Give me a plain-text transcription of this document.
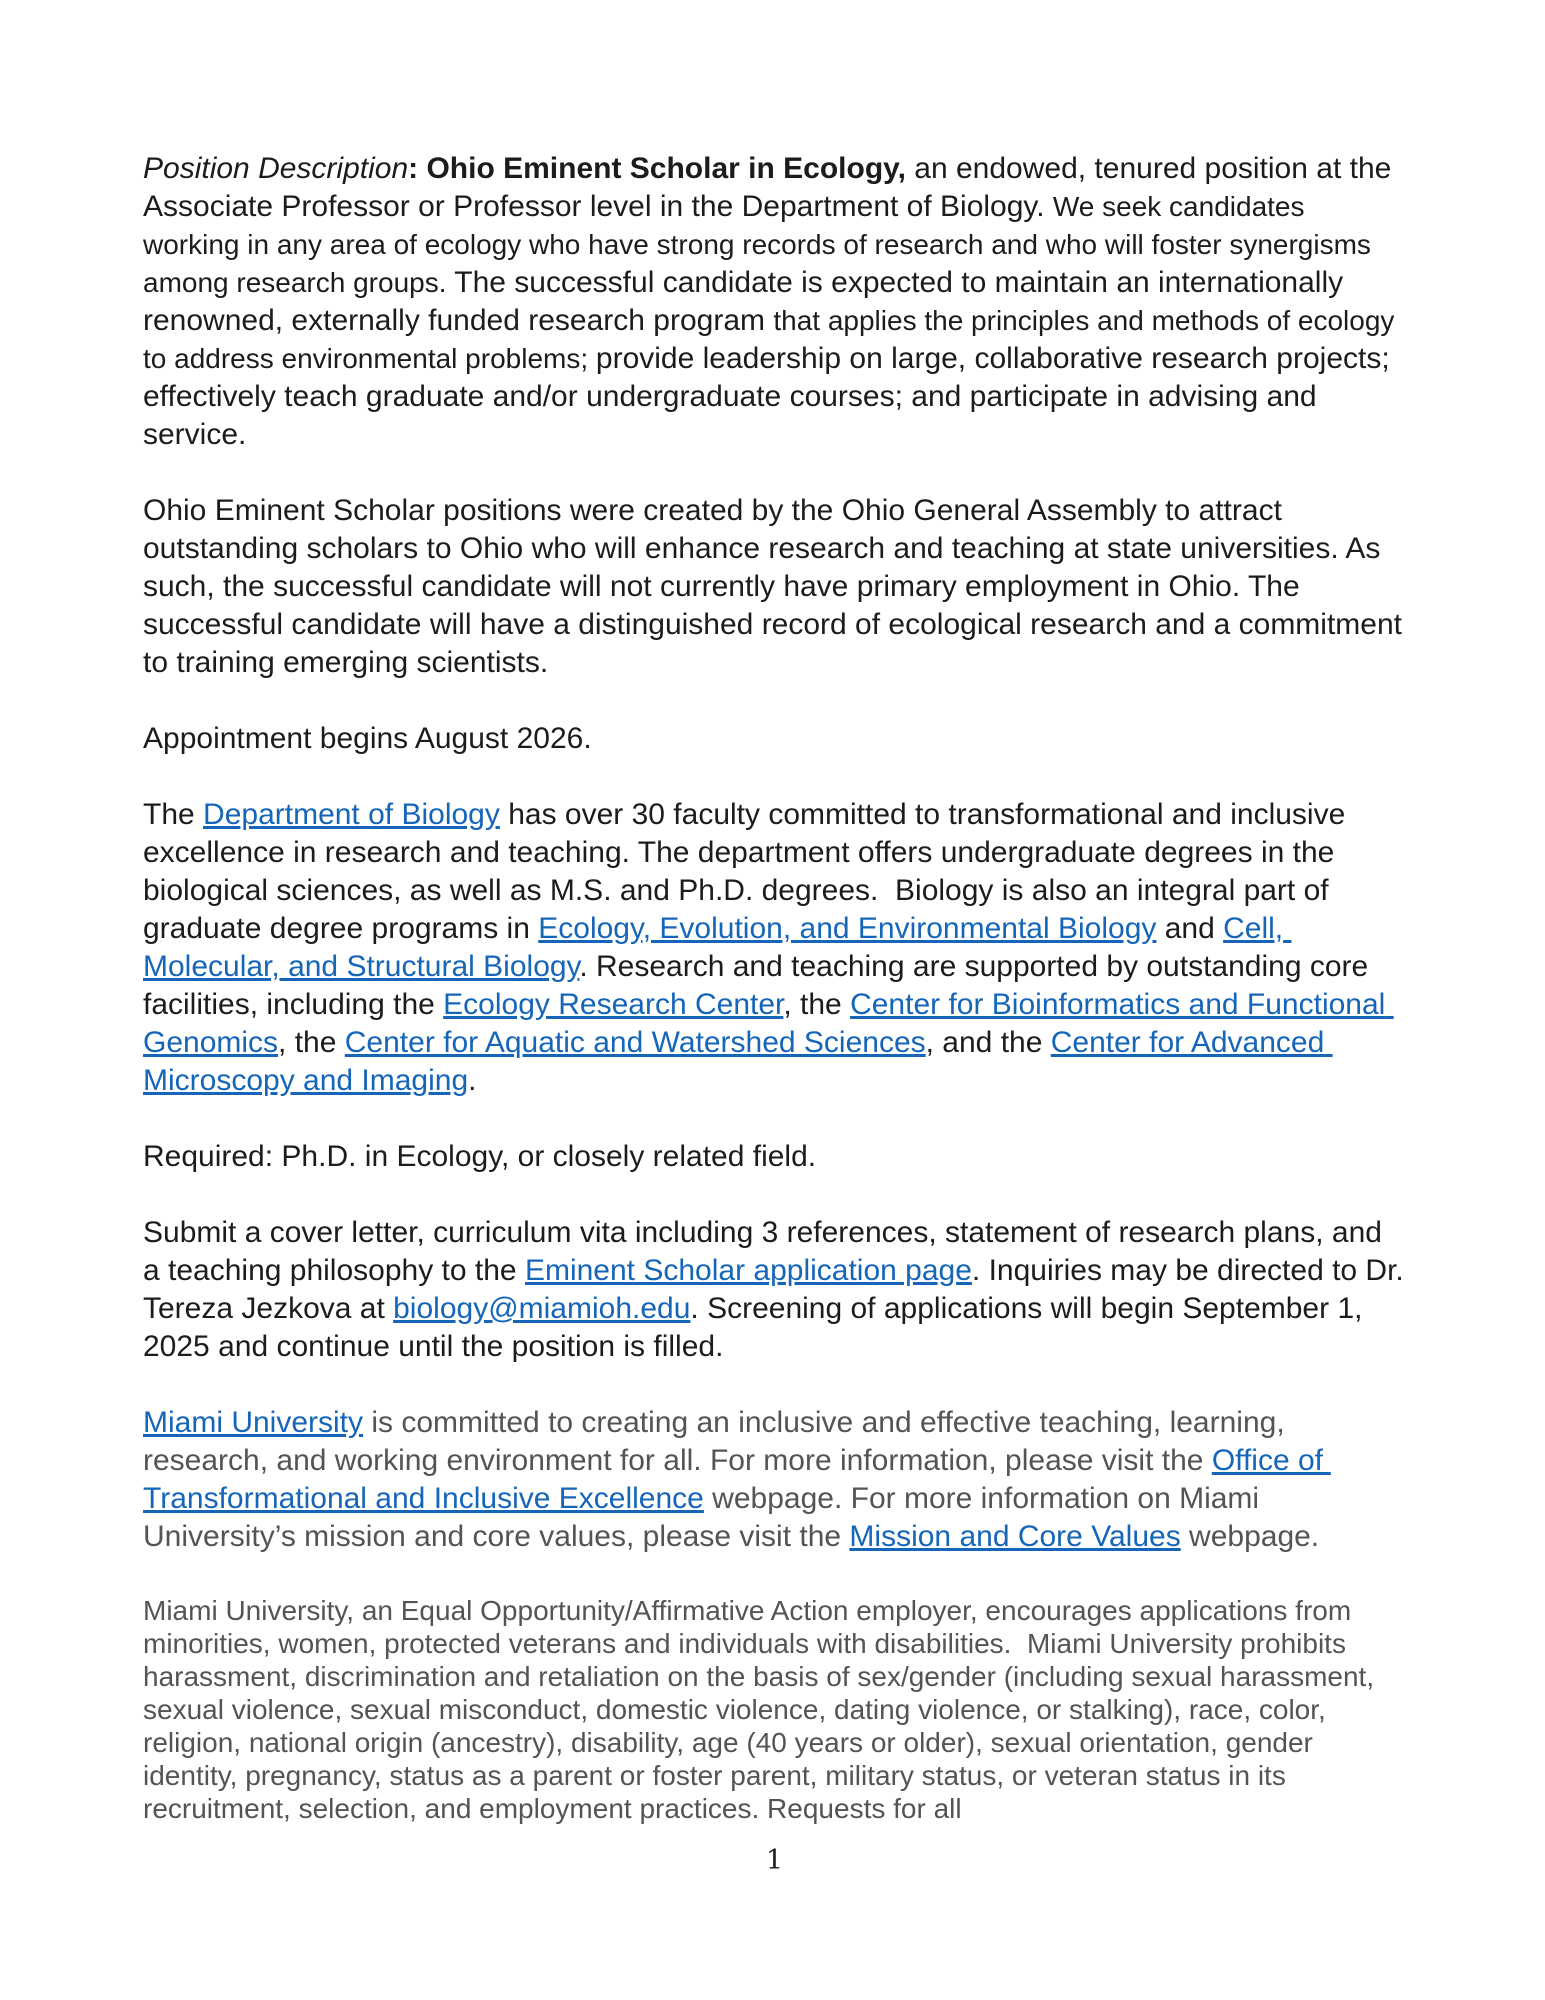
Position Description: Ohio Eminent Scholar in Ecology, an endowed, tenured position at the Associate Professor or Professor level in the Department of Biology. We seek candidates working in any area of ecology who have strong records of research and who will foster synergisms among research groups. The successful candidate is expected to maintain an internationally renowned, externally funded research program that applies the principles and methods of ecology to address environmental problems; provide leadership on large, collaborative research projects; effectively teach graduate and/or undergraduate courses; and participate in advising and service.

Ohio Eminent Scholar positions were created by the Ohio General Assembly to attract outstanding scholars to Ohio who will enhance research and teaching at state universities. As such, the successful candidate will not currently have primary employment in Ohio. The successful candidate will have a distinguished record of ecological research and a commitment to training emerging scientists.

Appointment begins August 2026.

The Department of Biology has over 30 faculty committed to transformational and inclusive excellence in research and teaching. The department offers undergraduate degrees in the biological sciences, as well as M.S. and Ph.D. degrees.  Biology is also an integral part of graduate degree programs in Ecology, Evolution, and Environmental Biology and Cell, Molecular, and Structural Biology. Research and teaching are supported by outstanding core facilities, including the Ecology Research Center, the Center for Bioinformatics and Functional Genomics, the Center for Aquatic and Watershed Sciences, and the Center for Advanced Microscopy and Imaging.

Required: Ph.D. in Ecology, or closely related field.

Submit a cover letter, curriculum vita including 3 references, statement of research plans, and a teaching philosophy to the Eminent Scholar application page. Inquiries may be directed to Dr. Tereza Jezkova at biology@miamioh.edu. Screening of applications will begin September 1, 2025 and continue until the position is filled.

Miami University is committed to creating an inclusive and effective teaching, learning, research, and working environment for all. For more information, please visit the Office of Transformational and Inclusive Excellence webpage. For more information on Miami University’s mission and core values, please visit the Mission and Core Values webpage.

Miami University, an Equal Opportunity/Affirmative Action employer, encourages applications from minorities, women, protected veterans and individuals with disabilities.  Miami University prohibits harassment, discrimination and retaliation on the basis of sex/gender (including sexual harassment, sexual violence, sexual misconduct, domestic violence, dating violence, or stalking), race, color, religion, national origin (ancestry), disability, age (40 years or older), sexual orientation, gender identity, pregnancy, status as a parent or foster parent, military status, or veteran status in its recruitment, selection, and employment practices. Requests for all

1
